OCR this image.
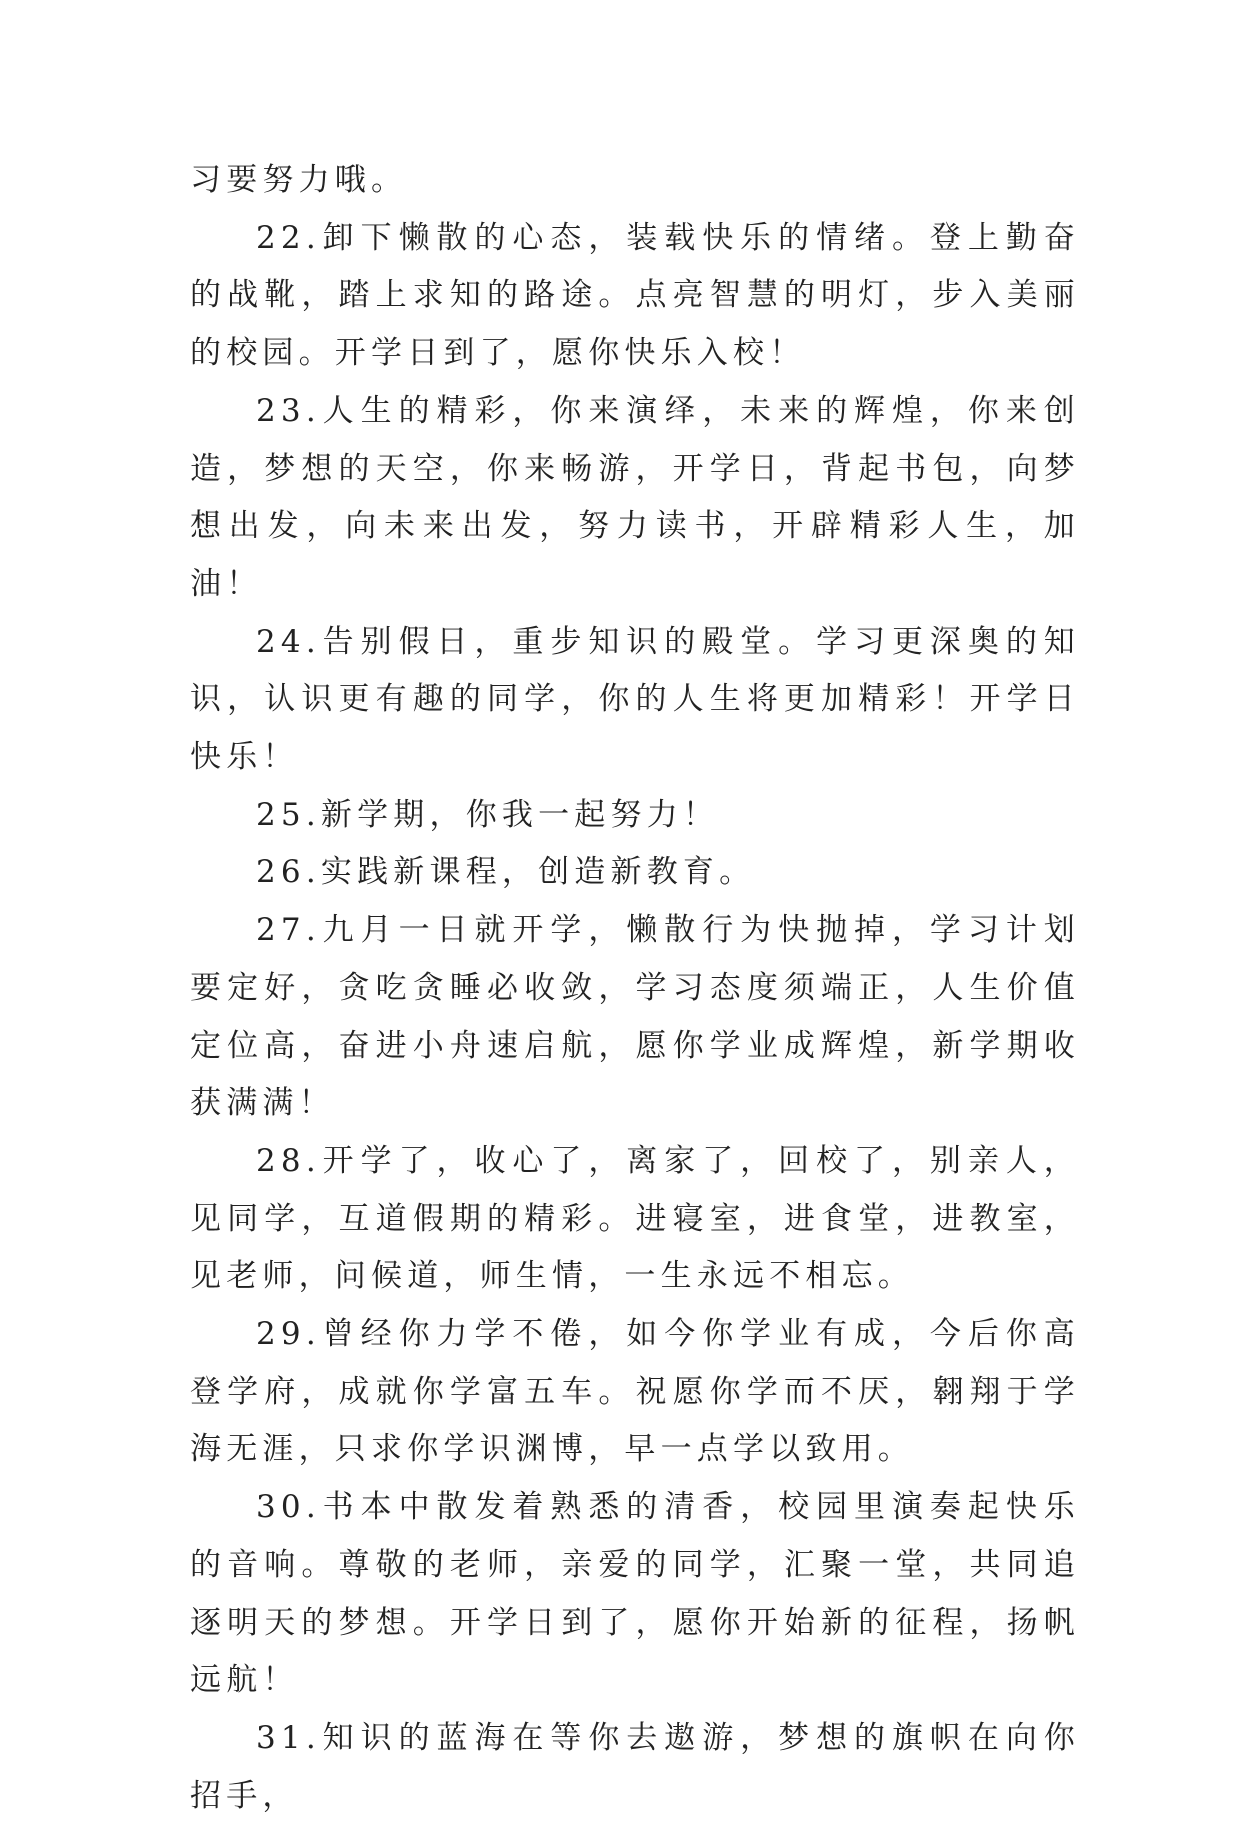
习要努力哦。

22.卸下懒散的心态，装载快乐的情绪。登上勤奋的战靴，踏上求知的路途。点亮智慧的明灯，步入美丽的校园。开学日到了，愿你快乐入校！

23.人生的精彩，你来演绎，未来的辉煌，你来创造，梦想的天空，你来畅游，开学日，背起书包，向梦想出发，向未来出发，努力读书，开辟精彩人生，加油！

24.告别假日，重步知识的殿堂。学习更深奥的知识，认识更有趣的同学，你的人生将更加精彩！开学日快乐！

25.新学期，你我一起努力！

26.实践新课程，创造新教育。

27.九月一日就开学，懒散行为快抛掉，学习计划要定好，贪吃贪睡必收敛，学习态度须端正，人生价值定位高，奋进小舟速启航，愿你学业成辉煌，新学期收获满满！

28.开学了，收心了，离家了，回校了，别亲人，见同学，互道假期的精彩。进寝室，进食堂，进教室，见老师，问候道，师生情，一生永远不相忘。

29.曾经你力学不倦，如今你学业有成，今后你高登学府，成就你学富五车。祝愿你学而不厌，翱翔于学海无涯，只求你学识渊博，早一点学以致用。

30.书本中散发着熟悉的清香，校园里演奏起快乐的音响。尊敬的老师，亲爱的同学，汇聚一堂，共同追逐明天的梦想。开学日到了，愿你开始新的征程，扬帆远航！

31.知识的蓝海在等你去遨游，梦想的旗帜在向你招手，
